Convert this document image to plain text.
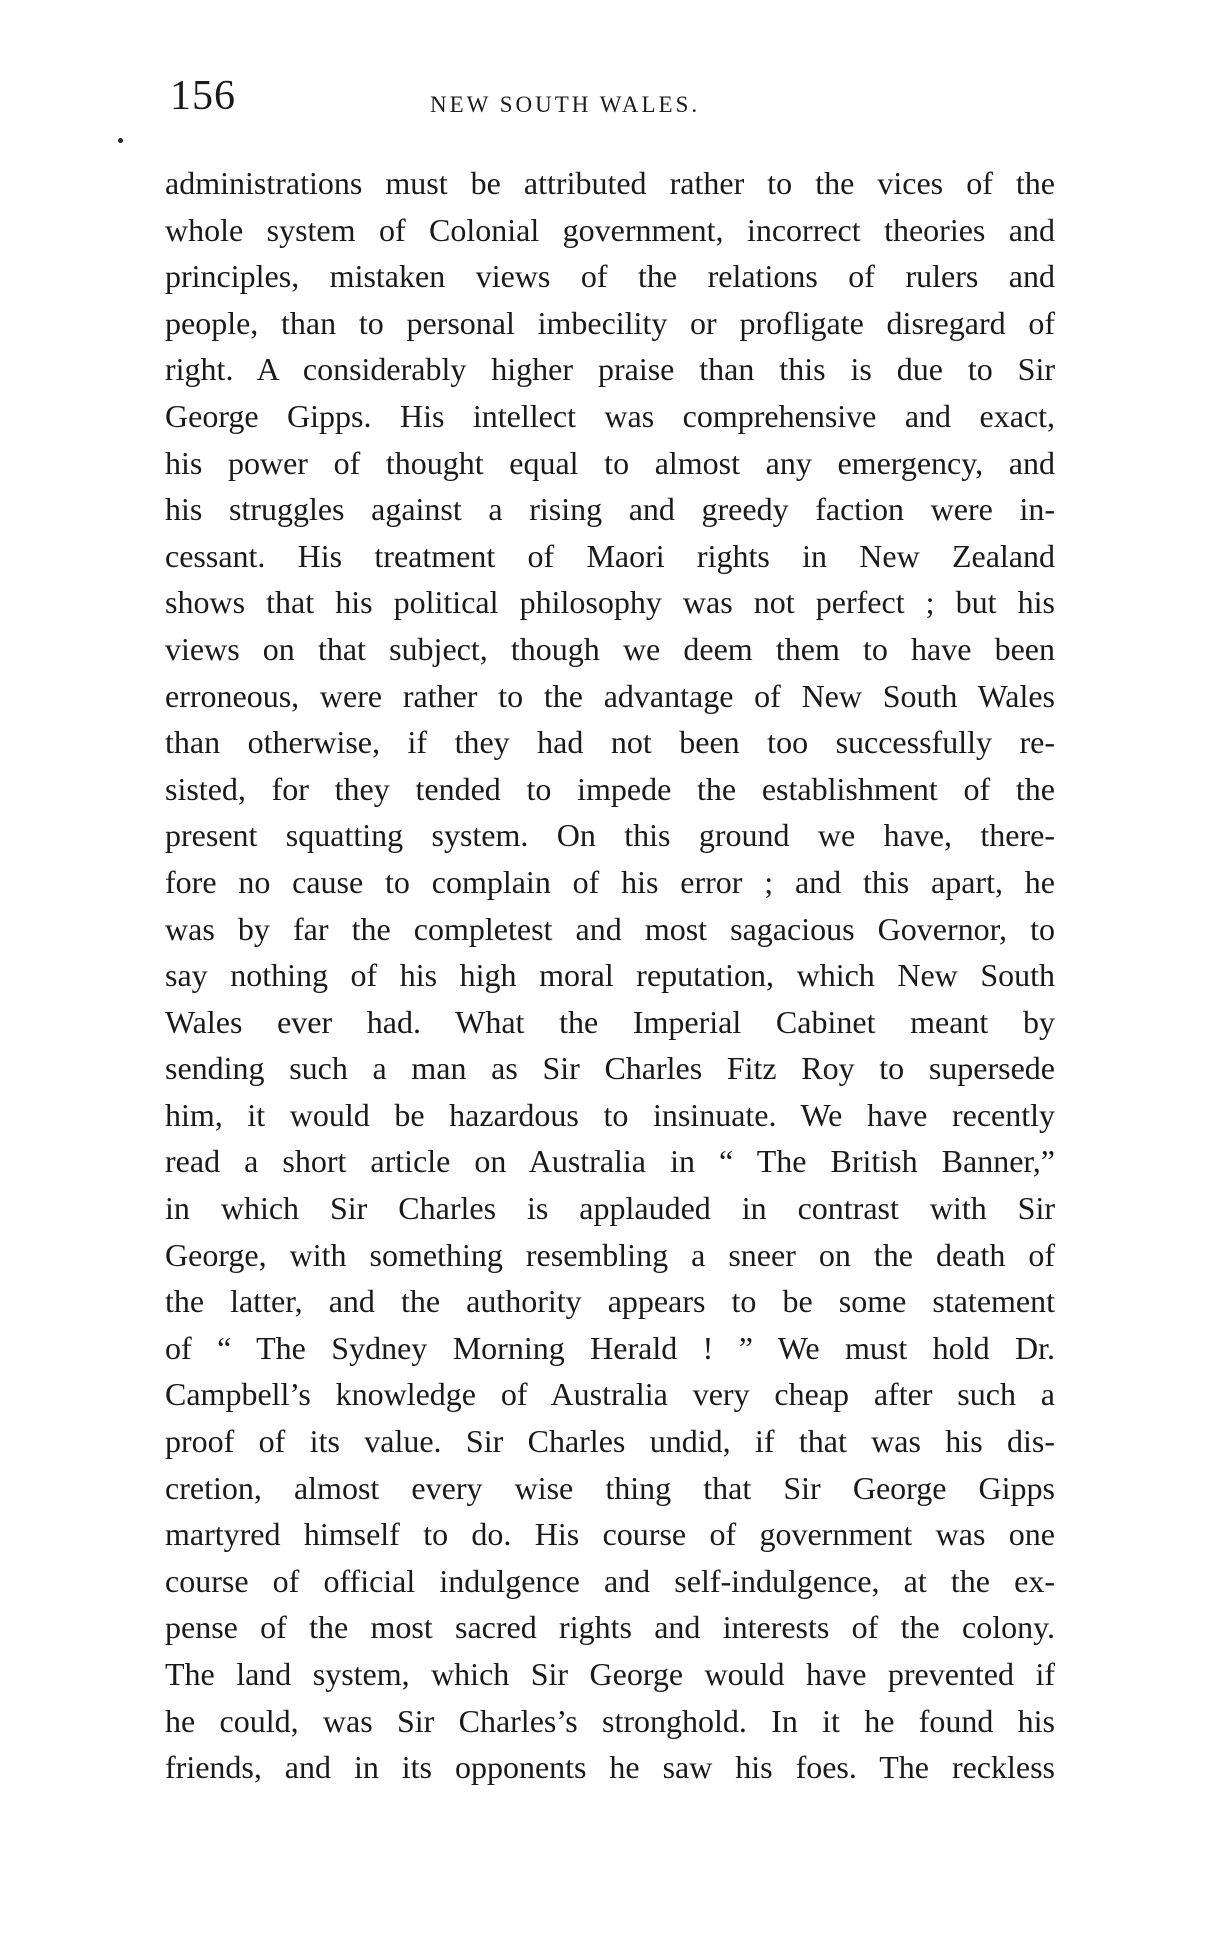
156	NEW SOUTH WALES.
administrations must be attributed rather to the vices of the
whole system of Colonial government, incorrect theories and
principles, mistaken views of the relations of rulers and
people, than to personal imbecility or profligate disregard of
right. A considerably higher praise than this is due to Sir
George Gipps. His intellect was comprehensive and exact,
his power of thought equal to almost any emergency, and
his struggles against a rising and greedy faction were in-
cessant. His treatment of Maori rights in New Zealand
shows that his political philosophy was not perfect ; but his
views on that subject, though we deem them to have been
erroneous, were rather to the advantage of New South Wales
than otherwise, if they had not been too successfully re-
sisted, for they tended to impede the establishment of the
present squatting system. On this ground we have, there-
fore no cause to complain of his error ; and this apart, he
was by far the completest and most sagacious Governor, to
say nothing of his high moral reputation, which New South
Wales ever had. What the Imperial Cabinet meant by
sending such a man as Sir Charles Fitz Roy to supersede
him, it would be hazardous to insinuate. We have recently
read a short article on Australia in “ The British Banner,”
in which Sir Charles is applauded in contrast with Sir
George, with something resembling a sneer on the death of
the latter, and the authority appears to be some statement
of “ The Sydney Morning Herald ! ” We must hold Dr.
Campbell’s knowledge of Australia very cheap after such a
proof of its value. Sir Charles undid, if that was his dis-
cretion, almost every wise thing that Sir George Gipps
martyred himself to do. His course of government was one
course of official indulgence and self-indulgence, at the ex-
pense of the most sacred rights and interests of the colony.
The land system, which Sir George would have prevented if
he could, was Sir Charles’s stronghold. In it he found his
friends, and in its opponents he saw his foes. The reckless
